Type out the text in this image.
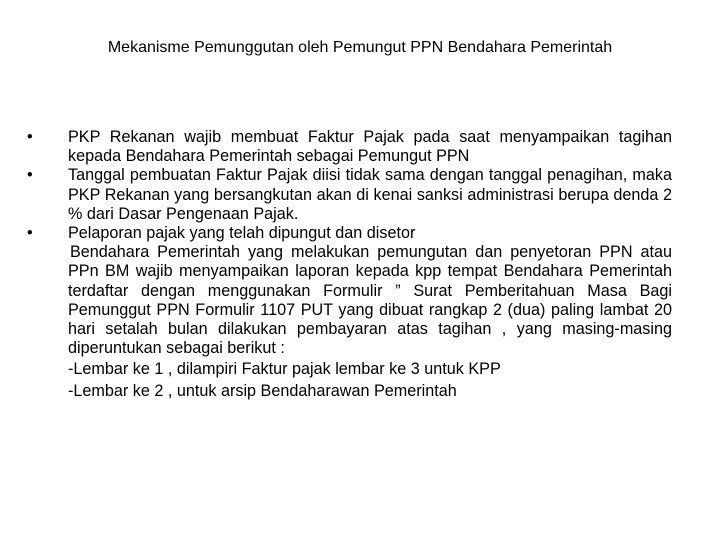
Mekanisme Pemunggutan oleh Pemungut PPN Bendahara Pemerintah
•	PKP Rekanan wajib membuat Faktur Pajak pada saat menyampaikan tagihan kepada Bendahara Pemerintah sebagai Pemungut PPN
•	Tanggal pembuatan Faktur Pajak diisi tidak sama dengan tanggal penagihan, maka PKP Rekanan yang bersangkutan akan di kenai sanksi administrasi berupa denda 2 % dari Dasar Pengenaan Pajak.
•	Pelaporan pajak yang telah dipungut dan disetor
Bendahara Pemerintah yang melakukan pemungutan dan penyetoran PPN atau PPn BM wajib menyampaikan laporan kepada kpp tempat Bendahara Pemerintah terdaftar dengan menggunakan Formulir ” Surat Pemberitahuan Masa Bagi Pemunggut PPN Formulir 1107 PUT yang dibuat rangkap 2 (dua) paling lambat 20 hari setalah bulan dilakukan pembayaran atas tagihan , yang masing-masing diperuntukan sebagai berikut :
-Lembar ke 1 , dilampiri Faktur pajak lembar ke 3 untuk KPP
-Lembar ke 2 , untuk arsip Bendaharawan Pemerintah
